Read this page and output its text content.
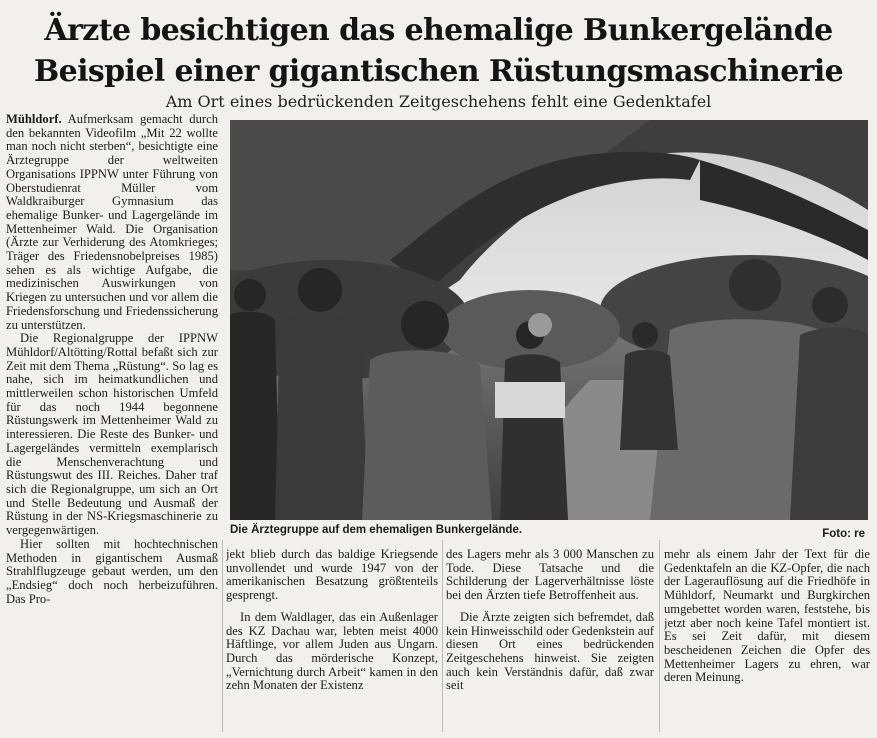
Ärzte besichtigen das ehemalige Bunkergelände
Beispiel einer gigantischen Rüstungsmaschinerie
Am Ort eines bedrückenden Zeitgeschehens fehlt eine Gedenktafel

Mühldorf. Aufmerksam gemacht durch den bekannten Videofilm „Mit 22 wollte man noch nicht sterben“, besichtigte eine Ärztegruppe der weltweiten Organisations IPPNW unter Führung von Oberstudienrat Müller vom Waldkraiburger Gymnasium das ehemalige Bunker- und Lagergelände im Mettenheimer Wald. Die Organisation (Ärzte zur Verhiderung des Atomkrieges; Träger des Friedensnobelpreises 1985) sehen es als wichtige Aufgabe, die medizinischen Auswirkungen von Kriegen zu untersuchen und vor allem die Friedensforschung und Friedenssicherung zu unterstützen.

Die Regionalgruppe der IPPNW Mühldorf/Altötting/Rottal befaßt sich zur Zeit mit dem Thema „Rüstung“. So lag es nahe, sich im heimatkundlichen und mittlerweilen schon historischen Umfeld für das noch 1944 begonnene Rüstungswerk im Mettenheimer Wald zu interessieren. Die Reste des Bunker- und Lagergeländes vermitteln exemplarisch die Menschenverachtung und Rüstungswut des III. Reiches. Daher traf sich die Regionalgruppe, um sich an Ort und Stelle Bedeutung und Ausmaß der Rüstung in der NS-Kriegsmaschinerie zu vergegenwärtigen.

Hier sollten mit hochtechnischen Methoden in gigantischem Ausmaß Strahlflugzeuge gebaut werden, um den „Endsieg“ doch noch herbeizuführen. Das Pro-

Die Ärztegruppe auf dem ehemaligen Bunkergelände.	Foto: re

jekt blieb durch das baldige Kriegsende unvollendet und wurde 1947 von der amerikanischen Besatzung größtenteils gesprengt.

In dem Waldlager, das ein Außenlager des KZ Dachau war, lebten meist 4000 Häftlinge, vor allem Juden aus Ungarn. Durch das mörderische Konzept, „Vernichtung durch Arbeit“ kamen in den zehn Monaten der Existenz

des Lagers mehr als 3 000 Manschen zu Tode. Diese Tatsache und die Schilderung der Lagerverhältnisse löste bei den Ärzten tiefe Betroffenheit aus.

Die Ärzte zeigten sich befremdet, daß kein Hinweisschild oder Gedenkstein auf diesen Ort eines bedrückenden Zeitgeschehens hinweist. Sie zeigten auch kein Verständnis dafür, daß zwar seit

mehr als einem Jahr der Text für die Gedenktafeln an die KZ-Opfer, die nach der Lagerauflösung auf die Friedhöfe in Mühldorf, Neumarkt und Burgkirchen umgebettet worden waren, feststehe, bis jetzt aber noch keine Tafel montiert ist. Es sei Zeit dafür, mit diesem bescheidenen Zeichen die Opfer des Mettenheimer Lagers zu ehren, war deren Meinung.
